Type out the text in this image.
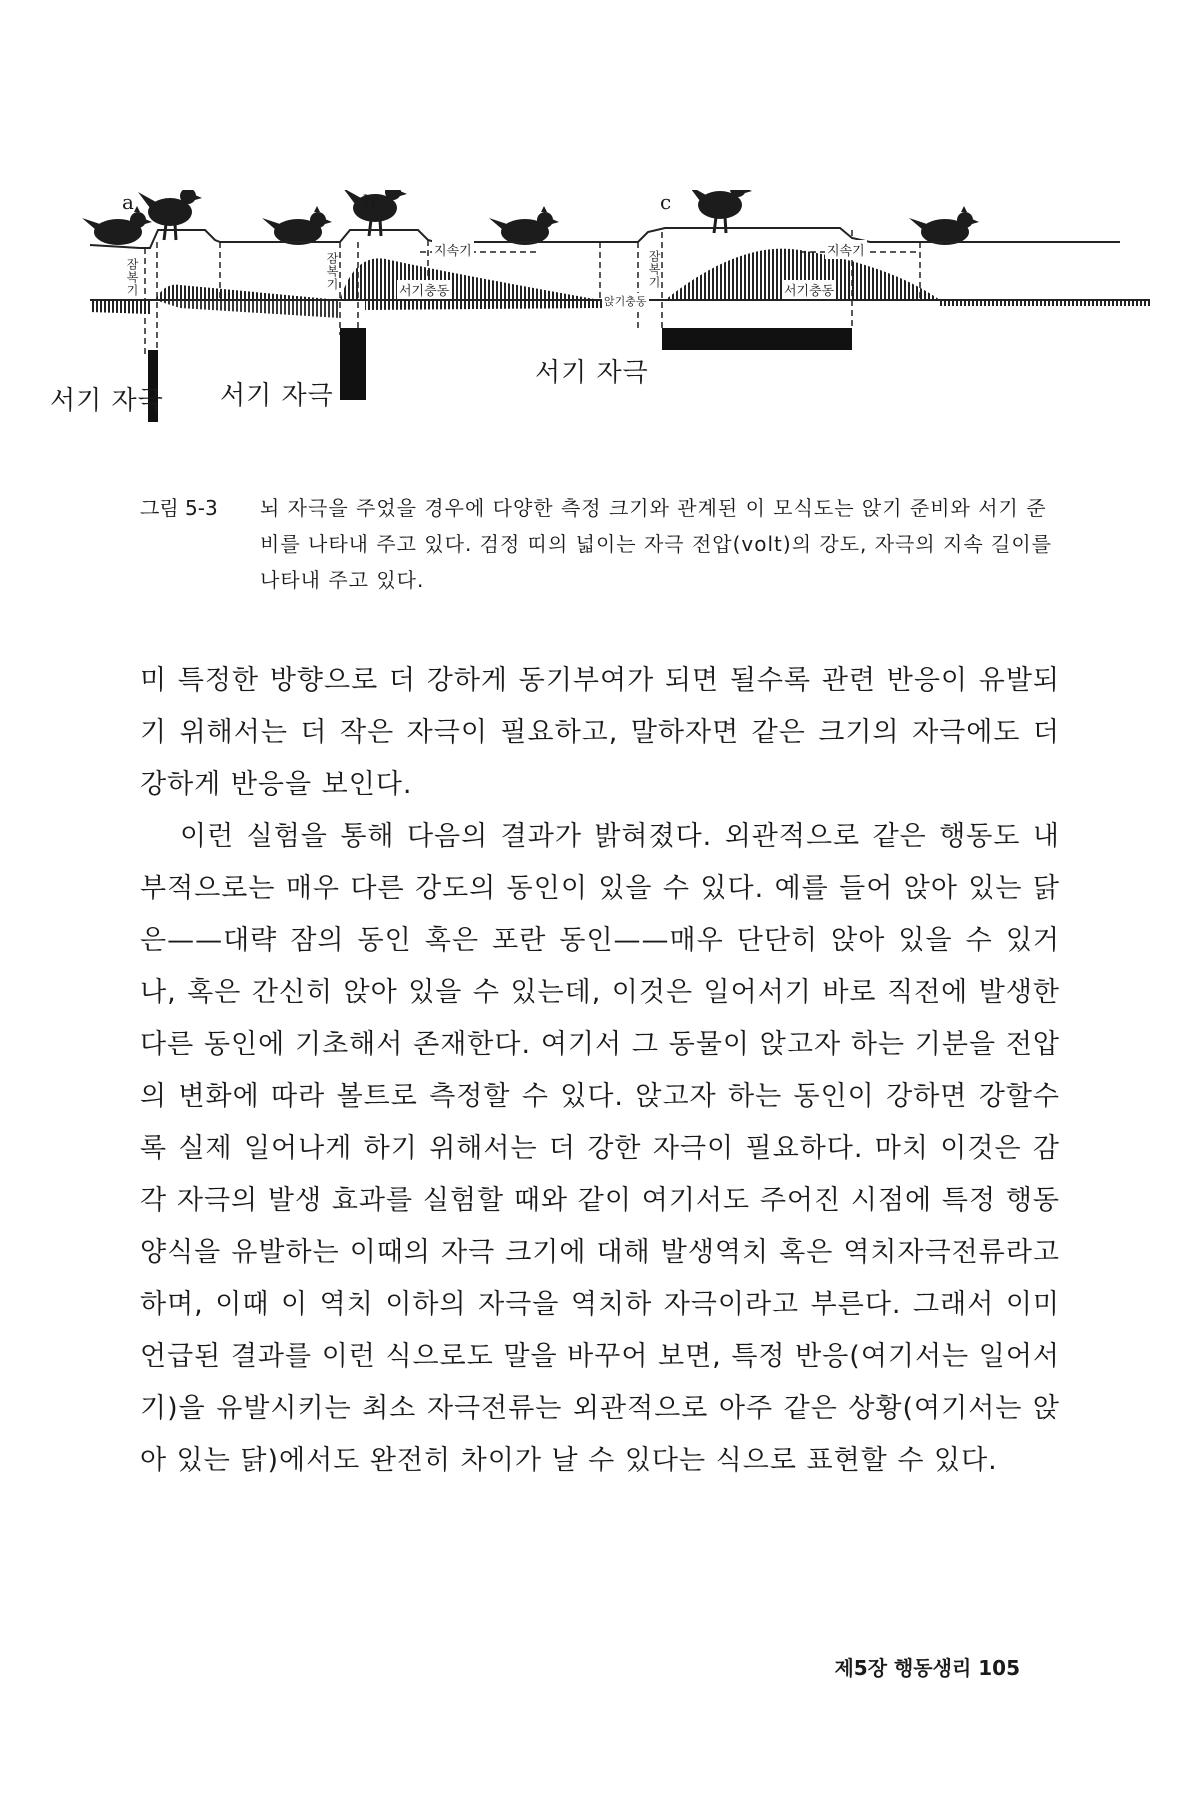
a	b	c
서기 자극 서기 자극
서기 자극
지속기	지속기
서기충동	서기충동
앉기충동
잠복기	잠복기	잠복기
그림 5-3	뇌 자극을 주었을 경우에 다양한 측정 크기와 관계된 이 모식도는 앉기 준비와 서기 준비를 나타내 주고 있다. 검정 띠의 넓이는 자극 전압(volt)의 강도, 자극의 지속 길이를 나타내 주고 있다.

미 특정한 방향으로 더 강하게 동기부여가 되면 될수록 관련 반응이 유발되기 위해서는 더 작은 자극이 필요하고, 말하자면 같은 크기의 자극에도 더 강하게 반응을 보인다.

이런 실험을 통해 다음의 결과가 밝혀졌다. 외관적으로 같은 행동도 내부적으로는 매우 다른 강도의 동인이 있을 수 있다. 예를 들어 앉아 있는 닭은——대략 잠의 동인 혹은 포란 동인——매우 단단히 앉아 있을 수 있거나, 혹은 간신히 앉아 있을 수 있는데, 이것은 일어서기 바로 직전에 발생한 다른 동인에 기초해서 존재한다. 여기서 그 동물이 앉고자 하는 기분을 전압의 변화에 따라 볼트로 측정할 수 있다. 앉고자 하는 동인이 강하면 강할수록 실제 일어나게 하기 위해서는 더 강한 자극이 필요하다. 마치 이것은 감각 자극의 발생 효과를 실험할 때와 같이 여기서도 주어진 시점에 특정 행동양식을 유발하는 이때의 자극 크기에 대해 발생역치 혹은 역치자극전류라고 하며, 이때 이 역치 이하의 자극을 역치하 자극이라고 부른다. 그래서 이미 언급된 결과를 이런 식으로도 말을 바꾸어 보면, 특정 반응(여기서는 일어서기)을 유발시키는 최소 자극전류는 외관적으로 아주 같은 상황(여기서는 앉아 있는 닭)에서도 완전히 차이가 날 수 있다는 식으로 표현할 수 있다.

제5장 행동생리 105
